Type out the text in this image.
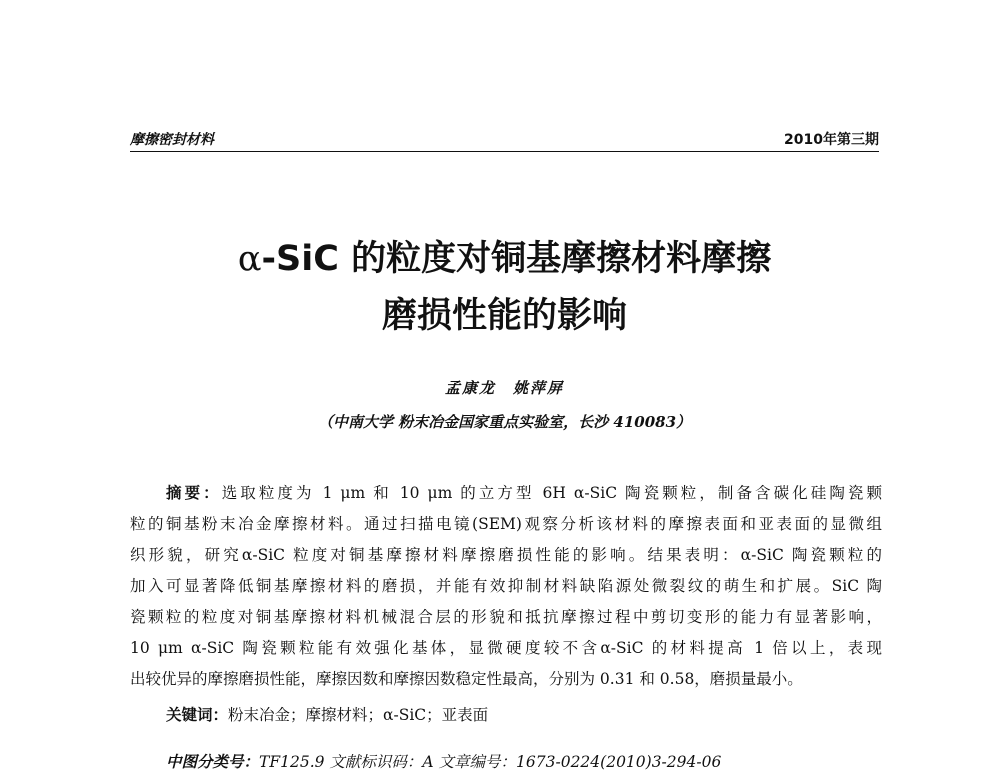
摩擦密封材料	2010年第三期
α-SiC 的粒度对铜基摩擦材料摩擦
磨损性能的影响
孟康龙　姚萍屏
（中南大学 粉末冶金国家重点实验室，长沙 410083）
摘要：选取粒度为 1 μm 和 10 μm 的立方型 6H α-SiC 陶瓷颗粒，制备含碳化硅陶瓷颗
粒的铜基粉末冶金摩擦材料。通过扫描电镜(SEM)观察分析该材料的摩擦表面和亚表面的显微组
织形貌，研究α-SiC 粒度对铜基摩擦材料摩擦磨损性能的影响。结果表明：α-SiC 陶瓷颗粒的
加入可显著降低铜基摩擦材料的磨损，并能有效抑制材料缺陷源处微裂纹的萌生和扩展。SiC 陶
瓷颗粒的粒度对铜基摩擦材料机械混合层的形貌和抵抗摩擦过程中剪切变形的能力有显著影响，
10 μm α-SiC 陶瓷颗粒能有效强化基体，显微硬度较不含α-SiC 的材料提高 1 倍以上，表现
出较优异的摩擦磨损性能，摩擦因数和摩擦因数稳定性最高，分别为 0.31 和 0.58，磨损量最小。
关键词：粉末冶金；摩擦材料；α-SiC；亚表面
中图分类号：TF125.9 文献标识码：A 文章编号：1673-0224(2010)3-294-06
